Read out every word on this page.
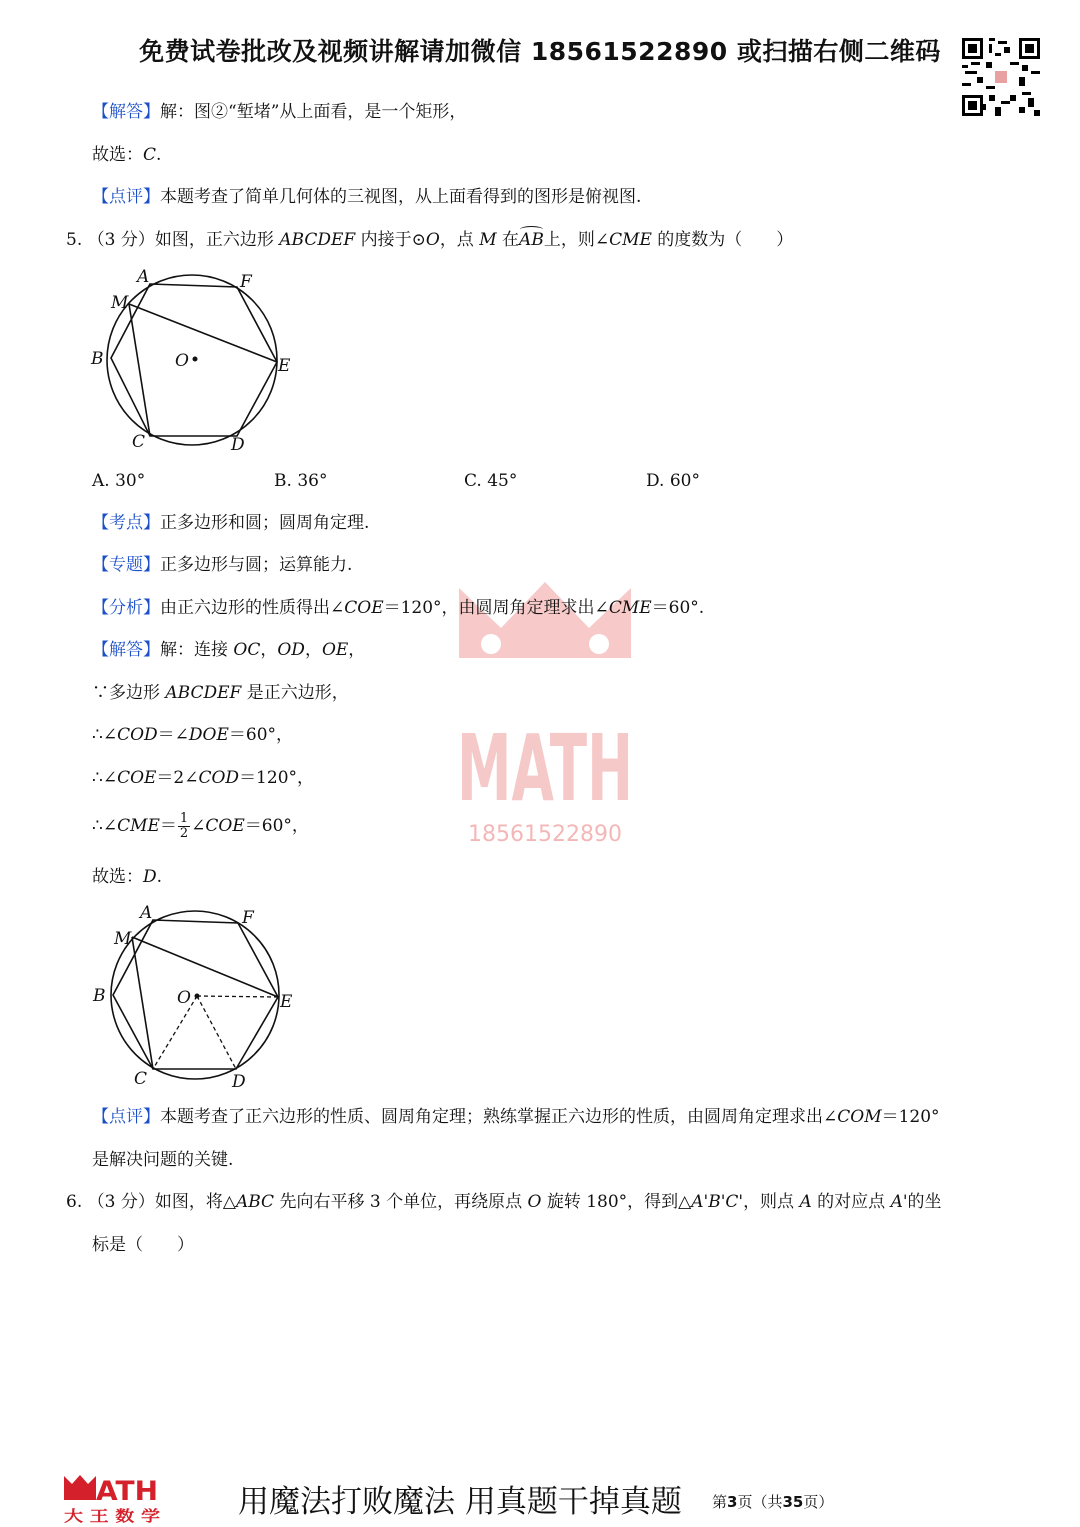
免费试卷批改及视频讲解请加微信 18561522890 或扫描右侧二维码
【解答】解：图②“堑堵”从上面看，是一个矩形，
故选：C.
【点评】本题考查了简单几何体的三视图，从上面看得到的图形是俯视图.
5. （3 分）如图，正六边形 ABCDEF 内接于⊙O，点 M 在AB上，则∠CME 的度数为（　　）
A	F
M
B	O	E
C	D
A. 30°	B. 36°	C. 45°	D. 60°
MATH
18561522890
【考点】正多边形和圆；圆周角定理.
【专题】正多边形与圆；运算能力.
【分析】由正六边形的性质得出∠COE＝120°，由圆周角定理求出∠CME＝60°.
【解答】解：连接 OC，OD，OE，
∵多边形 ABCDEF 是正六边形，
∴∠COD＝∠DOE＝60°，
∴∠COE＝2∠COD＝120°，
∴∠CME＝ $\frac{1}{2}$ ∠COE＝60°，
故选：D.
A	F
M
B	O	E
C	D
【点评】本题考查了正六边形的性质、圆周角定理；熟练掌握正六边形的性质，由圆周角定理求出∠COM＝120°
是解决问题的关键.
6. （3 分）如图，将△ABC 先向右平移 3 个单位，再绕原点 O 旋转 180°，得到△A'B'C'，则点 A 的对应点 A'的坐
标是（　　）
ATH
大 王 数 学	用魔法打败魔法 用真题干掉真题 第3页（共35页）
